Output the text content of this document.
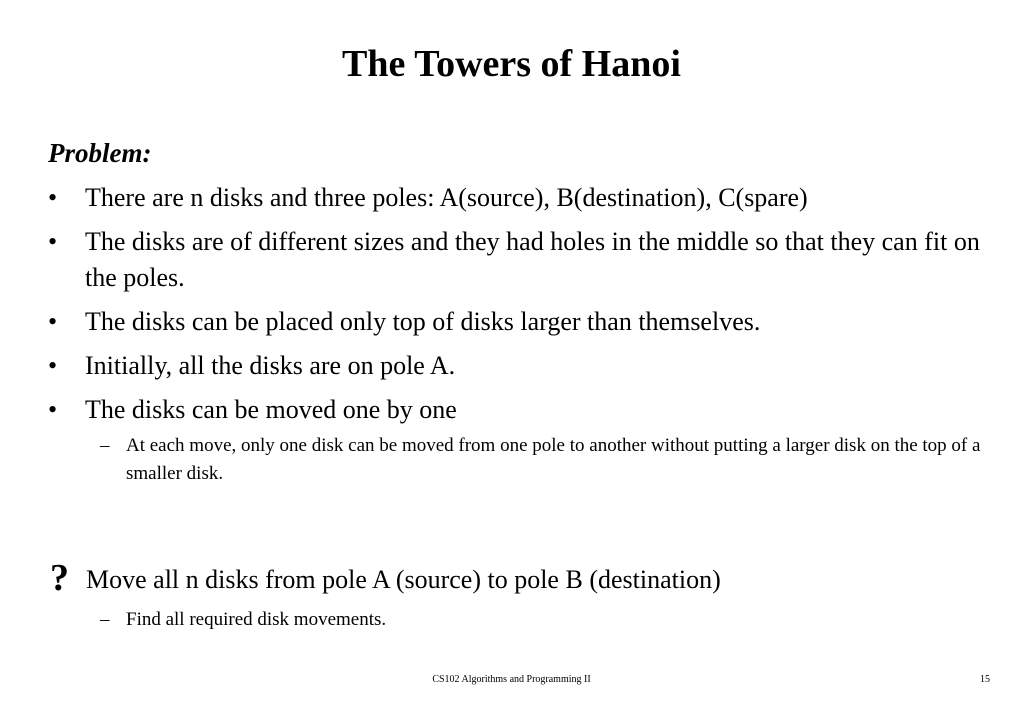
The Towers of Hanoi
Problem:
•	There are n disks and three poles: A(source), B(destination), C(spare)
•	The disks are of different sizes and they had holes in the middle so that they can fit on the poles.
•	The disks can be placed only top of disks larger than themselves.
•	Initially, all the disks are on pole A.
•	The disks can be moved one by one
– At each move, only one disk can be moved from one pole to another without putting a larger disk on the top of a smaller disk.
? Move all n disks from pole A (source) to pole B (destination)
– Find all required disk movements.
CS102 Algorithms and Programming II	15
